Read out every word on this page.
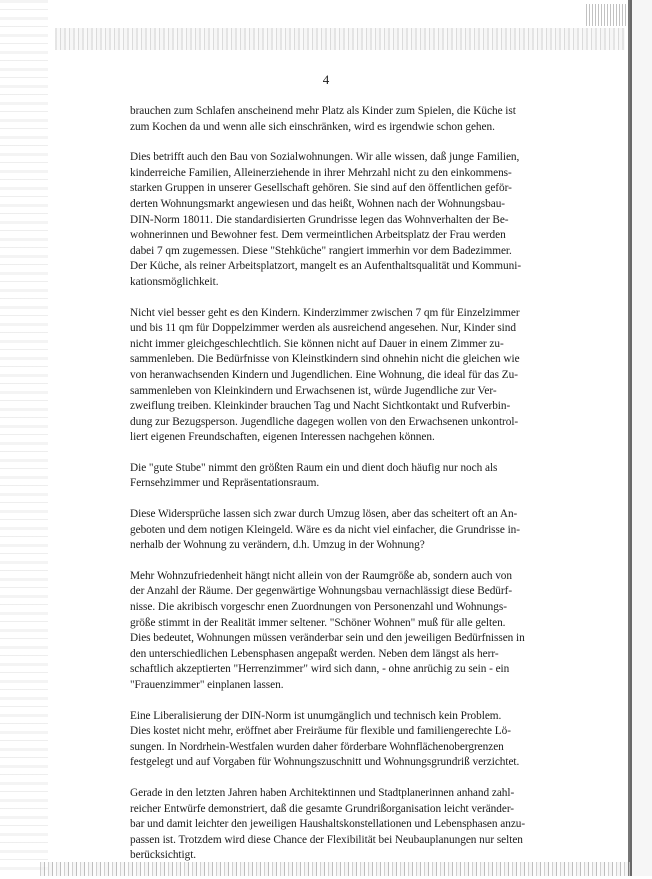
4

brauchen zum Schlafen anscheinend mehr Platz als Kinder zum Spielen, die Küche ist
zum Kochen da und wenn alle sich einschränken, wird es irgendwie schon gehen.

Dies betrifft auch den Bau von Sozialwohnungen. Wir alle wissen, daß junge Familien,
kinderreiche Familien, Alleinerziehende in ihrer Mehrzahl nicht zu den einkommens-
starken Gruppen in unserer Gesellschaft gehören. Sie sind auf den öffentlichen geför-
derten Wohnungsmarkt angewiesen und das heißt, Wohnen nach der Wohnungsbau-
DIN-Norm 18011. Die standardisierten Grundrisse legen das Wohnverhalten der Be-
wohnerinnen und Bewohner fest. Dem vermeintlichen Arbeitsplatz der Frau werden
dabei 7 qm zugemessen. Diese "Stehküche" rangiert immerhin vor dem Badezimmer.
Der Küche, als reiner Arbeitsplatzort, mangelt es an Aufenthaltsqualität und Kommuni-
kationsmöglichkeit.

Nicht viel besser geht es den Kindern. Kinderzimmer zwischen 7 qm für Einzelzimmer
und bis 11 qm für Doppelzimmer werden als ausreichend angesehen. Nur, Kinder sind
nicht immer gleichgeschlechtlich. Sie können nicht auf Dauer in einem Zimmer zu-
sammenleben. Die Bedürfnisse von Kleinstkindern sind ohnehin nicht die gleichen wie
von heranwachsenden Kindern und Jugendlichen. Eine Wohnung, die ideal für das Zu-
sammenleben von Kleinkindern und Erwachsenen ist, würde Jugendliche zur Ver-
zweiflung treiben. Kleinkinder brauchen Tag und Nacht Sichtkontakt und Rufverbin-
dung zur Bezugsperson. Jugendliche dagegen wollen von den Erwachsenen unkontrol-
liert eigenen Freundschaften, eigenen Interessen nachgehen können.

Die "gute Stube" nimmt den größten Raum ein und dient doch häufig nur noch als
Fernsehzimmer und Repräsentationsraum.

Diese Widersprüche lassen sich zwar durch Umzug lösen, aber das scheitert oft an An-
geboten und dem notigen Kleingeld. Wäre es da nicht viel einfacher, die Grundrisse in-
nerhalb der Wohnung zu verändern, d.h. Umzug in der Wohnung?

Mehr Wohnzufriedenheit hängt nicht allein von der Raumgröße ab, sondern auch von
der Anzahl der Räume. Der gegenwärtige Wohnungsbau vernachlässigt diese Bedürf-
nisse. Die akribisch vorgeschr enen Zuordnungen von Personenzahl und Wohnungs-
größe stimmt in der Realität immer seltener. "Schöner Wohnen" muß für alle gelten.
Dies bedeutet, Wohnungen müssen veränderbar sein und den jeweiligen Bedürfnissen in
den unterschiedlichen Lebensphasen angepaßt werden. Neben dem längst als herr-
schaftlich akzeptierten "Herrenzimmer" wird sich dann, - ohne anrüchig zu sein - ein
"Frauenzimmer" einplanen lassen.

Eine Liberalisierung der DIN-Norm ist unumgänglich und technisch kein Problem.
Dies kostet nicht mehr, eröffnet aber Freiräume für flexible und familiengerechte Lö-
sungen. In Nordrhein-Westfalen wurden daher förderbare Wohnflächenobergrenzen
festgelegt und auf Vorgaben für Wohnungszuschnitt und Wohnungsgrundriß verzichtet.

Gerade in den letzten Jahren haben Architektinnen und Stadtplanerinnen anhand zahl-
reicher Entwürfe demonstriert, daß die gesamte Grundrißorganisation leicht veränder-
bar und damit leichter den jeweiligen Haushaltskonstellationen und Lebensphasen anzu-
passen ist. Trotzdem wird diese Chance der Flexibilität bei Neubauplanungen nur selten
berücksichtigt.
